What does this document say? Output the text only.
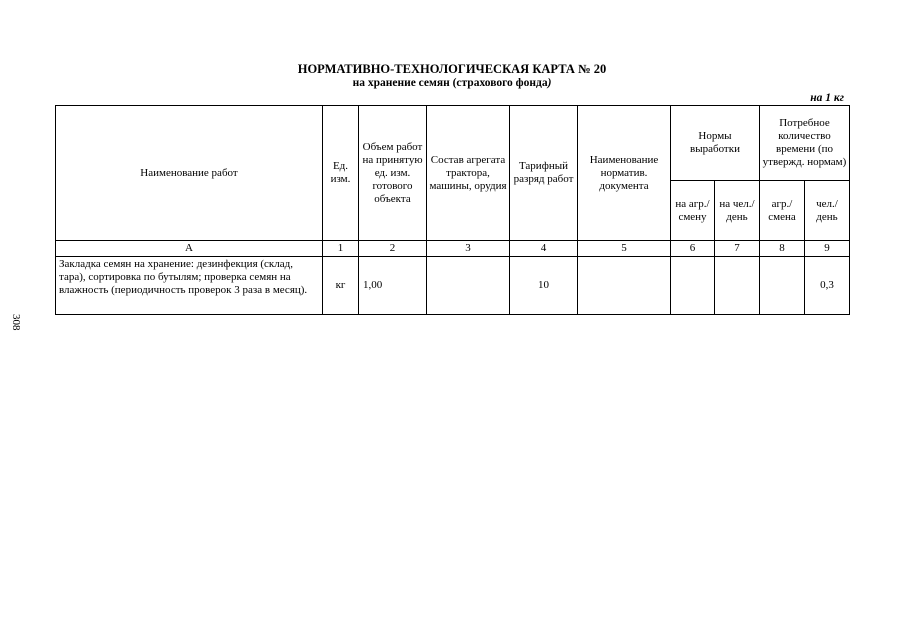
НОРМАТИВНО-ТЕХНОЛОГИЧЕСКАЯ КАРТА № 20
на хранение семян (страхового фонда)
на 1 кг
308
Наименование работ	Ед. изм.	Объем работ на принятую ед. изм. готового объекта	Состав агрегата трактора, машины, орудия	Тарифный разряд работ	Наименование норматив. документа	Нормы выработки		Потребное количество времени (по утвержд. нормам)	
						на агр./ смену	на чел./ день	агр./ смена	чел./ день
А	1	2	3	4	5	6	7	8	9
Закладка семян на хранение: дезинфекция (склад, тара), сортировка по бутылям; проверка семян на влажность (периодичность проверок 3 раза в месяц).	кг	1,00		10					0,3
